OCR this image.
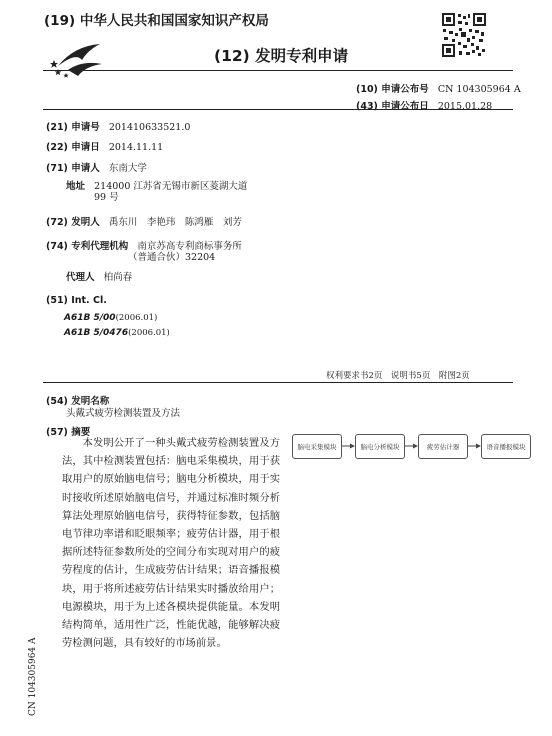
(19) 中华人民共和国国家知识产权局
(12) 发明专利申请
(10) 申请公布号 CN 104305964 A
(43) 申请公布日 2015.01.28
(21) 申请号 201410633521.0
(22) 申请日 2014.11.11
(71) 申请人 东南大学
地址 214000 江苏省无锡市新区菱湖大道
99 号
(72) 发明人 禹东川　李艳玮　陈鸿雁　刘芳
(74) 专利代理机构 南京苏高专利商标事务所
（普通合伙）32204
代理人 柏尚春
(51) Int. Cl.
A61B 5/00(2006.01)
A61B 5/0476(2006.01)
权利要求书2页　说明书5页　附图2页
(54) 发明名称
头戴式疲劳检测装置及方法
(57) 摘要

本发明公开了一种头戴式疲劳检测装置及方法，其中检测装置包括：脑电采集模块，用于获取用户的原始脑电信号；脑电分析模块，用于实时接收所述原始脑电信号，并通过标准时频分析算法处理原始脑电信号，获得特征参数，包括脑电节律功率谱和眨眼频率；疲劳估计器，用于根据所述特征参数所处的空间分布实现对用户的疲劳程度的估计，生成疲劳估计结果；语音播报模块，用于将所述疲劳估计结果实时播放给用户；电源模块，用于为上述各模块提供能量。本发明结构简单，适用性广泛，性能优越，能够解决疲劳检测问题，具有较好的市场前景。

脑电采集模块	脑电分析模块	疲劳估计器	语音播报模块
CN 104305964 A
